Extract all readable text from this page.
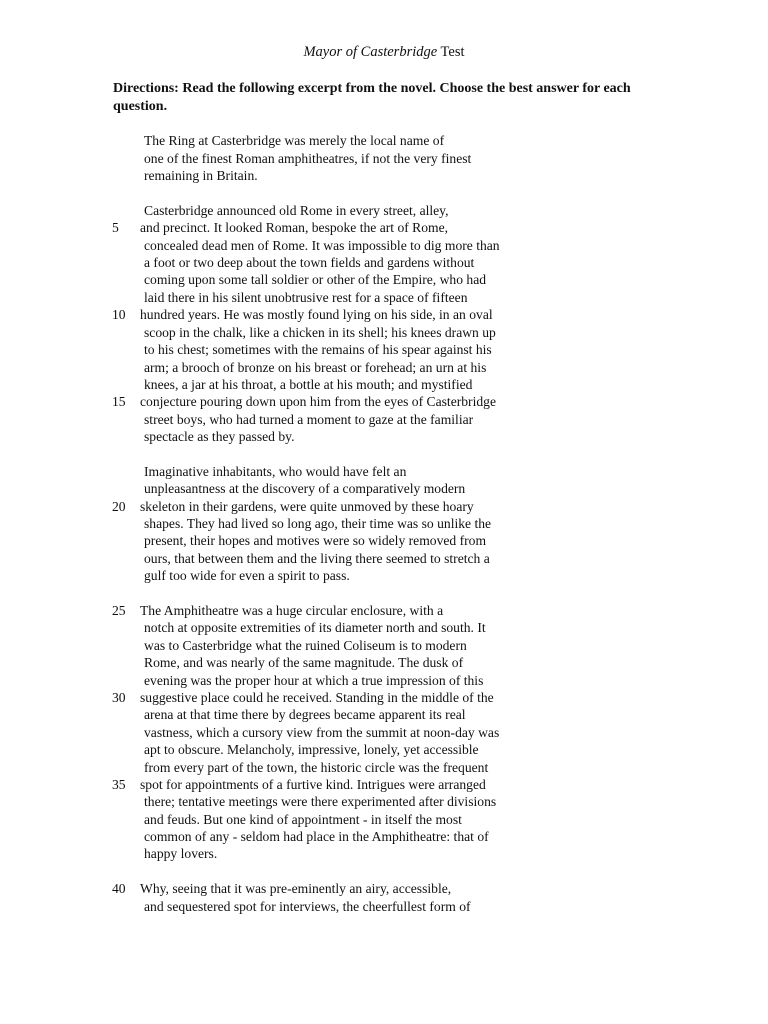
Mayor of Casterbridge Test
Directions: Read the following excerpt from the novel. Choose the best answer for each question.
The Ring at Casterbridge was merely the local name of
one of the finest Roman amphitheatres, if not the very finest
remaining in Britain.
Casterbridge announced old Rome in every street, alley,
5	and precinct. It looked Roman, bespoke the art of Rome,
concealed dead men of Rome. It was impossible to dig more than
a foot or two deep about the town fields and gardens without
coming upon some tall soldier or other of the Empire, who had
laid there in his silent unobtrusive rest for a space of fifteen
10	hundred years. He was mostly found lying on his side, in an oval
scoop in the chalk, like a chicken in its shell; his knees drawn up
to his chest; sometimes with the remains of his spear against his
arm; a brooch of bronze on his breast or forehead; an urn at his
knees, a jar at his throat, a bottle at his mouth; and mystified
15	conjecture pouring down upon him from the eyes of Casterbridge
street boys, who had turned a moment to gaze at the familiar
spectacle as they passed by.
Imaginative inhabitants, who would have felt an
unpleasantness at the discovery of a comparatively modern
20	skeleton in their gardens, were quite unmoved by these hoary
shapes. They had lived so long ago, their time was so unlike the
present, their hopes and motives were so widely removed from
ours, that between them and the living there seemed to stretch a
gulf too wide for even a spirit to pass.
25	The Amphitheatre was a huge circular enclosure, with a
notch at opposite extremities of its diameter north and south. It
was to Casterbridge what the ruined Coliseum is to modern
Rome, and was nearly of the same magnitude. The dusk of
evening was the proper hour at which a true impression of this
30	suggestive place could he received. Standing in the middle of the
arena at that time there by degrees became apparent its real
vastness, which a cursory view from the summit at noon-day was
apt to obscure. Melancholy, impressive, lonely, yet accessible
from every part of the town, the historic circle was the frequent
35	spot for appointments of a furtive kind. Intrigues were arranged
there; tentative meetings were there experimented after divisions
and feuds. But one kind of appointment - in itself the most
common of any - seldom had place in the Amphitheatre: that of
happy lovers.
40	Why, seeing that it was pre-eminently an airy, accessible,
and sequestered spot for interviews, the cheerfullest form of
